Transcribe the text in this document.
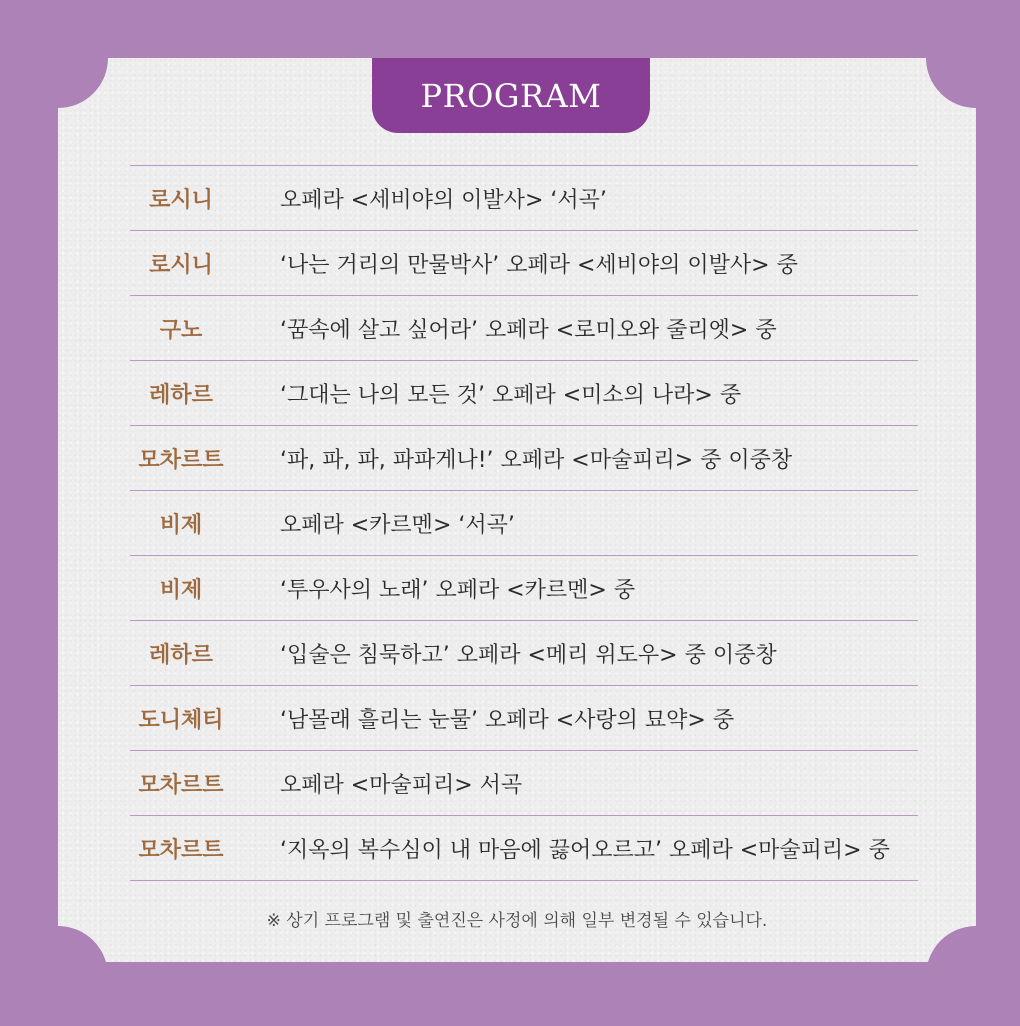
PROGRAM
로시니	오페라 <세비야의 이발사> ‘서곡’
로시니	‘나는 거리의 만물박사’ 오페라 <세비야의 이발사> 중
구노	‘꿈속에 살고 싶어라’ 오페라 <로미오와 줄리엣> 중
레하르	‘그대는 나의 모든 것’ 오페라 <미소의 나라> 중
모차르트	‘파, 파, 파, 파파게나!’ 오페라 <마술피리> 중 이중창
비제	오페라 <카르멘> ‘서곡’
비제	‘투우사의 노래’ 오페라 <카르멘> 중
레하르	‘입술은 침묵하고’ 오페라 <메리 위도우> 중 이중창
도니체티	‘남몰래 흘리는 눈물’ 오페라 <사랑의 묘약> 중
모차르트	오페라 <마술피리> 서곡
모차르트	‘지옥의 복수심이 내 마음에 끓어오르고’ 오페라 <마술피리> 중
※ 상기 프로그램 및 출연진은 사정에 의해 일부 변경될 수 있습니다.
